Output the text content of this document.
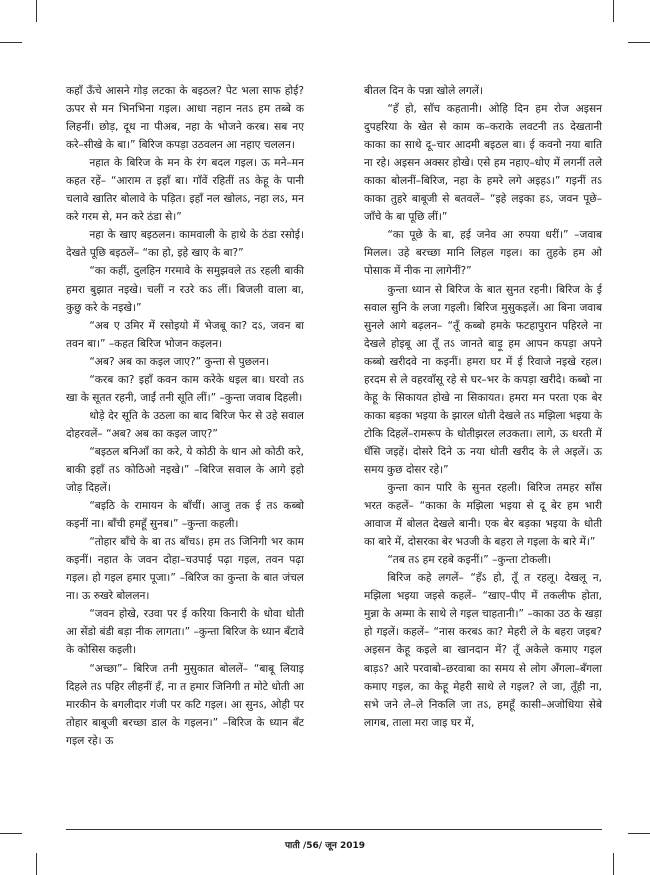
कहाँ ऊँचे आसने गोड़ लटका के बइठल? पेट भला साफ होई? ऊपर से मन भिनभिना गइल। आधा नहान नतऽ हम तब्बे क लिहनीं। छोड़, दूध ना पीअब, नहा के भोजने करब। सब नए करे–सीखे के बा।” बिरिज कपड़ा उठवलन आ नहाए चललन।

नहात के बिरिज के मन के रंग बदल गइल। ऊ मने–मन कहत रहें– “आराम त इहाँ बा। गाँवें रहितीं तऽ केहू के पानी चलावे खातिर बोलावे के पड़ित। इहाँ नल खोलऽ, नहा लऽ, मन करे गरम से, मन करे ठंडा से।”

नहा के खाए बइठलन। कामवाली के हाथे के ठंडा रसोई। देखते पूछि बइठलें– “का हो, इहे खाए के बा?”

“का कहीं, दुलहिन गरमावे के समुझवले तऽ रहली बाकी हमरा बुझात नइखे। चलीं न रउरे कऽ लीं। बिजली वाला बा, कुछु करे के नइखे।”

“अब ए उमिर में रसोइयो में भेजबू का? दऽ, जवन बा तवन बा।” –कहत बिरिज भोजन कइलन।

“अब? अब का कइल जाए?” कुन्ता से पुछलन।

“करब का? इहाँ कवन काम करेके धइल बा। घरवो तऽ खा के सूतत रहनी, जाईं तनी सूति लीं।” –कुन्ता जवाब दिहली।

थोड़े देर सूति के उठला का बाद बिरिज फेर से उहे सवाल दोहरवलें– “अब? अब का कइल जाए?”

“बइठल बनिआँ का करे, ये कोठी के धान ओ कोठी करे, बाकी इहाँ तऽ कोठिओ नइखे।” –बिरिज सवाल के आगे इहो जोड़ दिहलें।

“बइठि के रामायन के बाँचीं। आजु तक ई तऽ कब्बो कइनीं ना। बाँची हमहूँ सुनब।” –कुन्ता कहली।

“तोहार बाँचे के बा तऽ बाँचऽ। हम तऽ जिनिगी भर काम कइनीं। नहात के जवन दोहा–चउपाई पढ़ा गइल, तवन पढ़ा गइल। हो गइल हमार पूजा।” –बिरिज का कुन्ता के बात जंचल ना। ऊ रुखरे बोललन।

“जवन होखे, रउवा पर ई करिया किनारी के धोवा धोती आ सेंडो बंडी बड़ा नीक लागता।” –कुन्ता बिरिज के ध्यान बँटावे के कोसिस कइली।

“अच्छा”– बिरिज तनी मुसुकात बोललें– “बाबू लियाइ दिहले तऽ पहिर लीहनीं हँ, ना त हमार जिनिगी त मोटे धोती आ मारकीन के बगलीदार गंजी पर कटि गइल। आ सुनऽ, ओही पर तोहार बाबूजी बरच्छा डाल के गइलन।” –बिरिज के ध्यान बँट गइल रहे। ऊ

बीतल दिन के पन्ना खोले लगलें।

“हँ हो, साँच कहतानी। ओहि दिन हम रोज अइसन दुपहरिया के खेत से काम क–कराके लवटनी तऽ देखतानी काका का साथे दू–चार आदमी बइठल बा। ई कवनो नया बाति ना रहे। अइसन अक्सर होखे। एसे हम नहाए–धोए में लगनीं तले काका बोलनीं–बिरिज, नहा के हमरे लगे अइहऽ।” गइनीं तऽ काका तुहरे बाबूजी से बतवलें– “इहे लइका हऽ, जवन पूछे–जाँचे के बा पूछि लीं।”

“का पूछे के बा, हई जनेव आ रुपया धरीं।” –जवाब मिलल। उहे बरच्छा मानि लिहल गइल। का तुहके हम ओ पोसाक में नीक ना लागेनीं?”

कुन्ता ध्यान से बिरिज के बात सुनत रहनी। बिरिज के ई सवाल सुनि के लजा गइली। बिरिज मुसुकइलें। आ बिना जवाब सुनले आगे बढ़लन– “तूँ कब्बो हमके फटहापुरान पहिरले ना देखले होइबू आ तूँ तऽ जानते बाड़ू हम आपन कपड़ा अपने कब्बो खरीदवे ना कइनीं। हमरा घर में ई रिवाजे नइखे रहल। हरदम से ले वहरवाँसू रहे से घर–भर के कपड़ा खरीदे। कब्बो ना केहू के सिकायत होखे ना सिकायत। हमरा मन परता एक बेर काका बड़का भइया के झारल धोती देखले तऽ मझिला भइया के टोकि दिहलें–रामरूप के धोतीझरल लउकता। लागे, ऊ धरती में धँसि जइहें। दोसरे दिने ऊ नया धोती खरीद के ले अइलें। ऊ समय कुछ दोसर रहे।”

कुन्ता कान पारि के सुनत रहली। बिरिज तमहर साँस भरत कहलें– “काका के मझिला भइया से दू बेर हम भारी आवाज में बोलत देखले बानी। एक बेर बड़का भइया के धोती का बारे में, दोसरका बेर भउजी के बहरा ले गइला के बारे में।”

“तब तऽ हम रहबे कइनीं।” –कुन्ता टोकली।

बिरिज कहे लगलें– “हँऽ हो, तूँ त रहलू। देखलू न, मझिला भइया जइसे कहलें– “खाए–पीए में तकलीफ होता, मुन्ना के अम्मा के साथे ले गइल चाहतानी।” –काका उठ के खड़ा हो गइलें। कहलें– “नास करबऽ का? मेहरी ले के बहरा जइब? अइसन केहू कइले बा खानदान में? तूँ अकेले कमाए गइल बाड़ऽ? आरे परवाबो–छरवाबा का समय से लोग अँगला–बँगला कमाए गइल, का केहू मेहरी साथे ले गइल? ले जा, तूँही ना, सभे जने ले–ले निकलि जा तऽ, हमहूँ कासी–अजोधिया सेबे लागब, ताला मरा जाइ घर में,

पाती /56/ जून 2019
